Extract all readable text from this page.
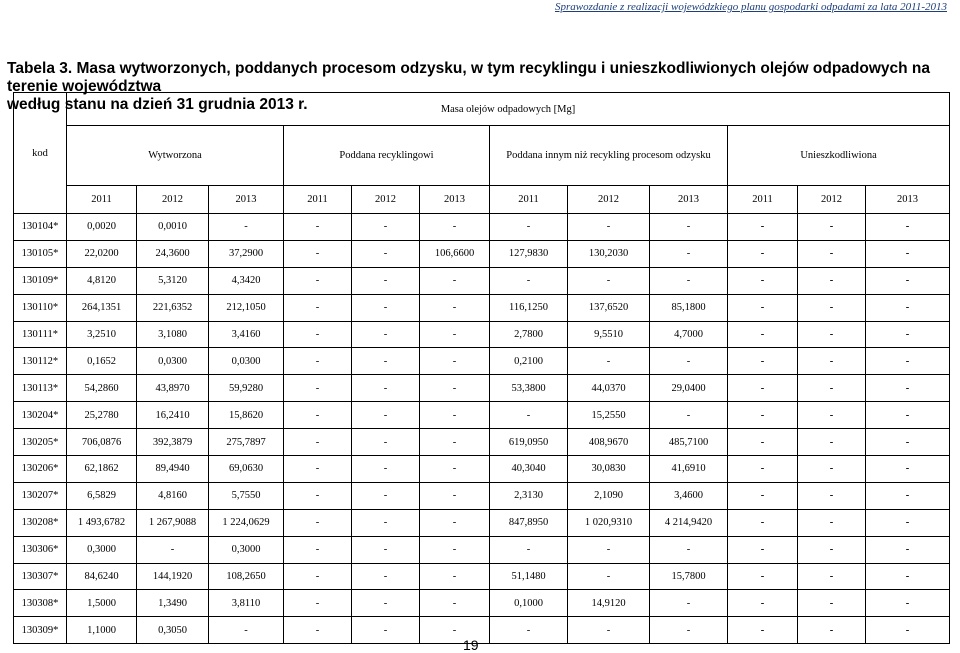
Sprawozdanie z realizacji wojewódzkiego planu gospodarki odpadami za lata 2011-2013
Tabela 3. Masa wytworzonych, poddanych procesom odzysku, w tym recyklingu i unieszkodliwionych olejów odpadowych na terenie województwa
według stanu na dzień 31 grudnia 2013 r.
kod	Masa olejów odpadowych [Mg]											
	Wytworzona			Poddana recyklingowi			Poddana innym niż recykling procesom odzysku			Unieszkodliwiona		
	2011	2012	2013	2011	2012	2013	2011	2012	2013	2011	2012	2013
130104*	0,0020	0,0010	-	-	-	-	-	-	-	-	-	-
130105*	22,0200	24,3600	37,2900	-	-	106,6600	127,9830	130,2030	-	-	-	-
130109*	4,8120	5,3120	4,3420	-	-	-	-	-	-	-	-	-
130110*	264,1351	221,6352	212,1050	-	-	-	116,1250	137,6520	85,1800	-	-	-
130111*	3,2510	3,1080	3,4160	-	-	-	2,7800	9,5510	4,7000	-	-	-
130112*	0,1652	0,0300	0,0300	-	-	-	0,2100	-	-	-	-	-
130113*	54,2860	43,8970	59,9280	-	-	-	53,3800	44,0370	29,0400	-	-	-
130204*	25,2780	16,2410	15,8620	-	-	-	-	15,2550	-	-	-	-
130205*	706,0876	392,3879	275,7897	-	-	-	619,0950	408,9670	485,7100	-	-	-
130206*	62,1862	89,4940	69,0630	-	-	-	40,3040	30,0830	41,6910	-	-	-
130207*	6,5829	4,8160	5,7550	-	-	-	2,3130	2,1090	3,4600	-	-	-
130208*	1 493,6782	1 267,9088	1 224,0629	-	-	-	847,8950	1 020,9310	4 214,9420	-	-	-
130306*	0,3000	-	0,3000	-	-	-	-	-	-	-	-	-
130307*	84,6240	144,1920	108,2650	-	-	-	51,1480	-	15,7800	-	-	-
130308*	1,5000	1,3490	3,8110	-	-	-	0,1000	14,9120	-	-	-	-
130309*	1,1000	0,3050	-	-	-	-	-	-	-	-	-	-
19
